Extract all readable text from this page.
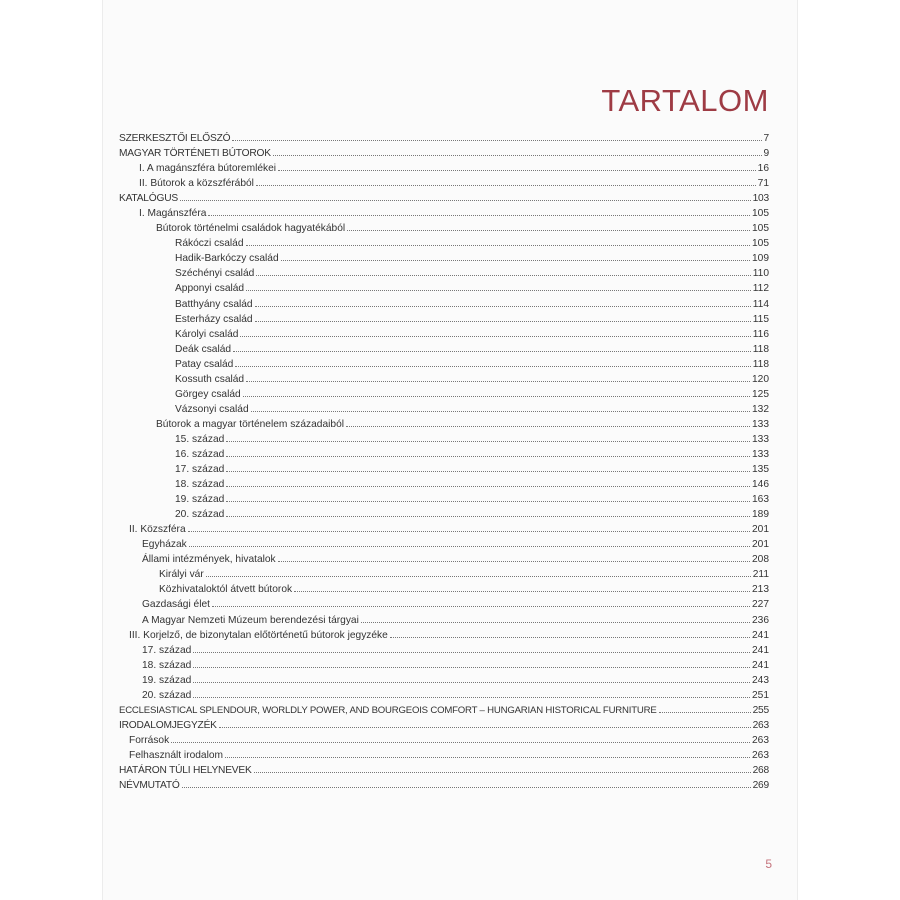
TARTALOM
SZERKESZTŐI ELŐSZÓ	7
MAGYAR TÖRTÉNETI BÚTOROK	9
I. A magánszféra bútoremlékei	16
II. Bútorok a közszférából	71
KATALÓGUS	103
I. Magánszféra	105
Bútorok történelmi családok hagyatékából	105
Rákóczi család	105
Hadik-Barkóczy család	109
Széchényi család	110
Apponyi család	112
Batthyány család	114
Esterházy család	115
Károlyi család	116
Deák család	118
Patay család	118
Kossuth család	120
Görgey család	125
Vázsonyi család	132
Bútorok a magyar történelem századaiból	133
15. század	133
16. század	133
17. század	135
18. század	146
19. század	163
20. század	189
II. Közszféra	201
Egyházak	201
Állami intézmények, hivatalok	208
Királyi vár	211
Közhivataloktól átvett bútorok	213
Gazdasági élet	227
A Magyar Nemzeti Múzeum berendezési tárgyai	236
III. Korjelző, de bizonytalan előtörténetű bútorok jegyzéke	241
17. század	241
18. század	241
19. század	243
20. század	251
ECCLESIASTICAL SPLENDOUR, WORLDLY POWER, AND BOURGEOIS COMFORT – HUNGARIAN HISTORICAL FURNITURE	255
IRODALOMJEGYZÉK	263
Források	263
Felhasznált irodalom	263
HATÁRON TÚLI HELYNEVEK	268
NÉVMUTATÓ	269
5
